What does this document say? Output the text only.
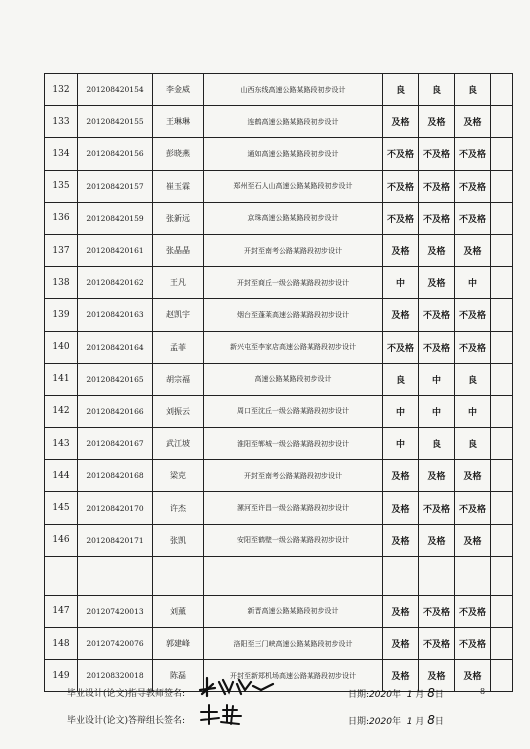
132	201208420154	李金威	山西东线高速公路某路段初步设计	良	良	良	
133	201208420155	王琳琳	连鹤高速公路某路段初步设计	及格	及格	及格	
134	201208420156	彭晓燕	通如高速公路某路段初步设计	不及格	不及格	不及格	
135	201208420157	崔玉霖	郑州至石人山高速公路某路段初步设计	不及格	不及格	不及格	
136	201208420159	张新远	京珠高速公路某路段初步设计	不及格	不及格	不及格	
137	201208420161	张晶晶	开封至南考公路某路段初步设计	及格	及格	及格	
138	201208420162	王凡	开封至商丘一级公路某路段初步设计	中	及格	中	
139	201208420163	赵凯宇	烟台至蓬莱高速公路某路段初步设计	及格	不及格	不及格	
140	201208420164	孟菲	新兴屯至李家店高速公路某路段初步设计	不及格	不及格	不及格	
141	201208420165	胡宗福	高速公路某路段初步设计	良	中	良	
142	201208420166	刘振云	周口至沈丘一级公路某路段初步设计	中	中	中	
143	201208420167	武江坡	淮阳至郸城一级公路某路段初步设计	中	良	良	
144	201208420168	梁克	开封至南考公路某路段初步设计	及格	及格	及格	
145	201208420170	许杰	漯河至许昌一级公路某路段初步设计	及格	不及格	不及格	
146	201208420171	张凯	安阳至鹤壁一级公路某路段初步设计	及格	及格	及格	

147	201207420013	刘薰	新晋高速公路某路段初步设计	及格	不及格	不及格	
148	201207420076	郭建峰	洛阳至三门峡高速公路某路段初步设计	及格	不及格	不及格	
149	201208320018	陈磊	开封至新郑机场高速公路某路段初步设计	及格	及格	及格	
毕业设计(论文)指导教师签名:
毕业设计(论文)答辩组长签名:
日期:2020年 1 月 8日	8
日期:2020年 1 月 8日
